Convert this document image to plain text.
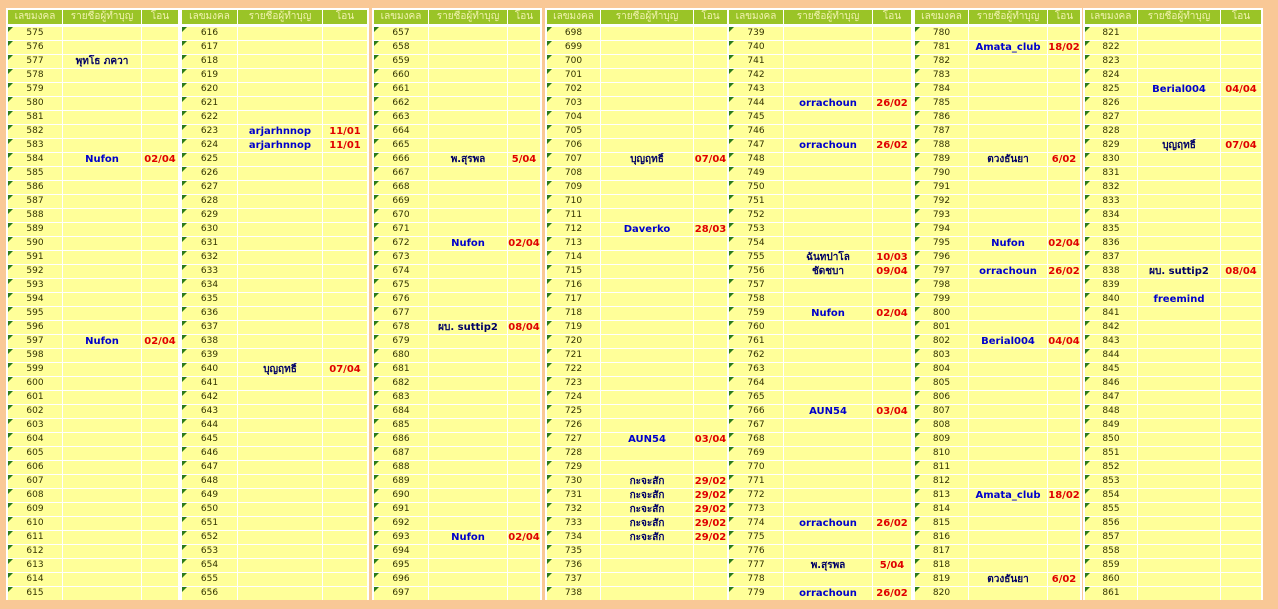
เลขมงคล	รายชื่อผู้ทำบุญ	โอน
575
576
577	พุทโธ ภควา
578
579
580
581
582
583
584	Nufon	02/04
585
586
587
588
589
590
591
592
593
594
595
596
597	Nufon	02/04
598
599
600
601
602
603
604
605
606
607
608
609
610
611
612
613
614
615
เลขมงคล	รายชื่อผู้ทำบุญ	โอน
616
617
618
619
620
621
622
623	arjarhnnop	11/01
624	arjarhnnop	11/01
625
626
627
628
629
630
631
632
633
634
635
636
637
638
639
640	บุญฤทธิ์	07/04
641
642
643
644
645
646
647
648
649
650
651
652
653
654
655
656
เลขมงคล	รายชื่อผู้ทำบุญ	โอน
657
658
659
660
661
662
663
664
665
666	พ.สุรพล	5/04
667
668
669
670
671
672	Nufon	02/04
673
674
675
676
677
678	ผบ. suttip2	08/04
679
680
681
682
683
684
685
686
687
688
689
690
691
692
693	Nufon	02/04
694
695
696
697
เลขมงคล	รายชื่อผู้ทำบุญ	โอน
698
699
700
701
702
703
704
705
706
707	บุญฤทธิ์	07/04
708
709
710
711
712	Daverko	28/03
713
714
715
716
717
718
719
720
721
722
723
724
725
726
727	AUN54	03/04
728
729
730	กะจะสัก	29/02
731	กะจะสัก	29/02
732	กะจะสัก	29/02
733	กะจะสัก	29/02
734	กะจะสัก	29/02
735
736
737
738
เลขมงคล	รายชื่อผู้ทำบุญ	โอน
739
740
741
742
743
744	orrachoun	26/02
745
746
747	orrachoun	26/02
748
749
750
751
752
753
754
755	ฉันทปาโล	10/03
756	ชัดชบา	09/04
757
758
759	Nufon	02/04
760
761
762
763
764
765
766	AUN54	03/04
767
768
769
770
771
772
773
774	orrachoun	26/02
775
776
777	พ.สุรพล	5/04
778
779	orrachoun	26/02
เลขมงคล	รายชื่อผู้ทำบุญ	โอน
780
781	Amata_club 18/02
782
783
784
785
786
787
788
789	ตวงธันยา	6/02
790
791
792
793
794
795	Nufon	02/04
796
797	orrachoun	26/02
798
799
800
801
802	Berial004	04/04
803
804
805
806
807
808
809
810
811
812
813	Amata_club 18/02
814
815
816
817
818
819	ตวงธันยา	6/02
820
เลขมงคล	รายชื่อผู้ทำบุญ	โอน
821
822
823
824
825	Berial004	04/04
826
827
828
829	บุญฤทธิ์	07/04
830
831
832
833
834
835
836
837
838	ผบ. suttip2	08/04
839
840	freemind
841
842
843
844
845
846
847
848
849
850
851
852
853
854
855
856
857
858
859
860
861
